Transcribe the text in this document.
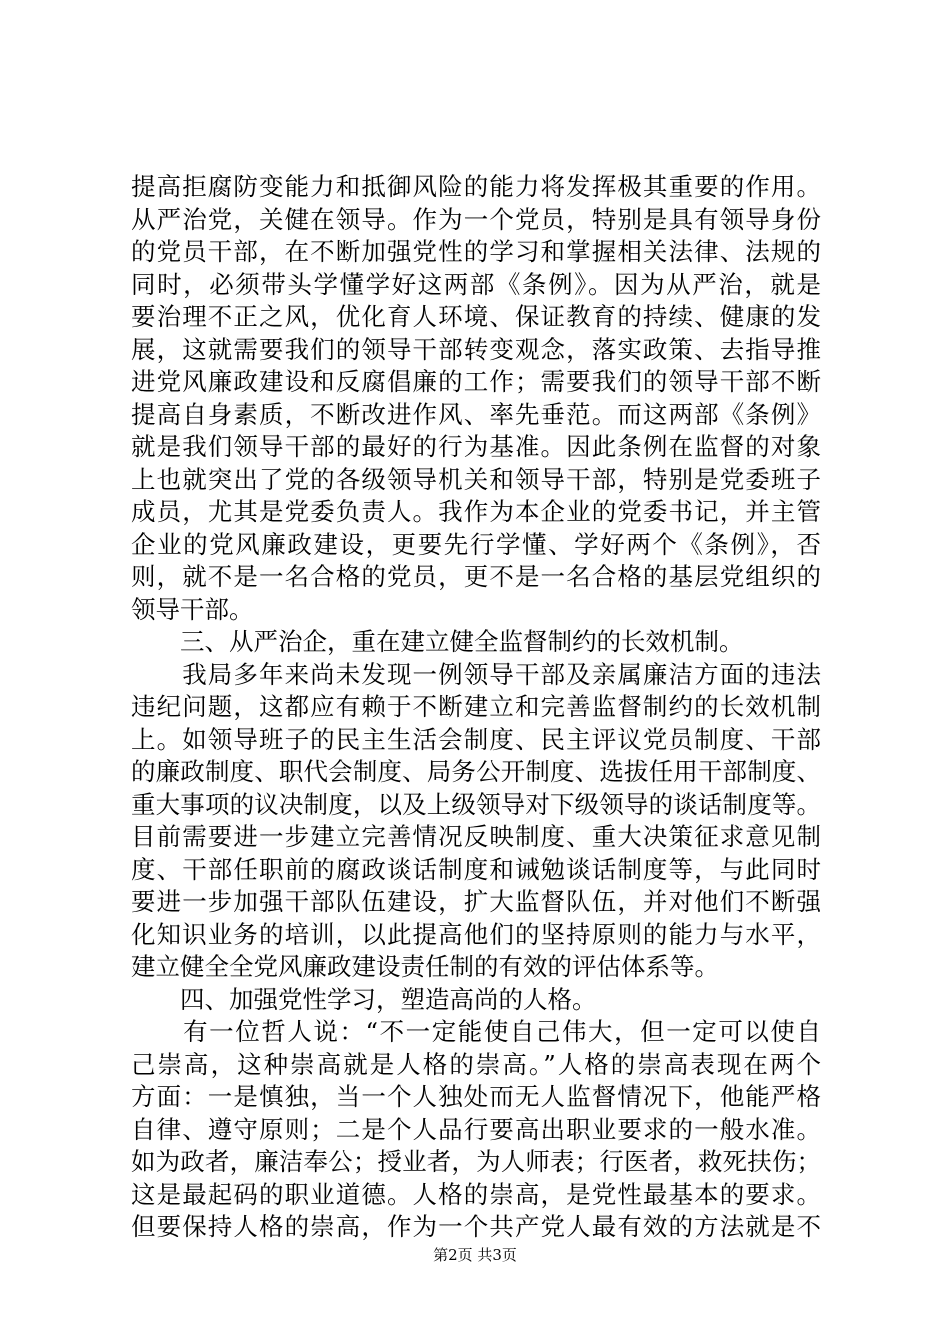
提高拒腐防变能力和抵御风险的能力将发挥极其重要的作用。
从严治党，关健在领导。作为一个党员，特别是具有领导身份
的党员干部，在不断加强党性的学习和掌握相关法律、法规的
同时，必须带头学懂学好这两部《条例》。因为从严治，就是
要治理不正之风，优化育人环境、保证教育的持续、健康的发
展，这就需要我们的领导干部转变观念，落实政策、去指导推
进党风廉政建设和反腐倡廉的工作；需要我们的领导干部不断
提高自身素质，不断改进作风、率先垂范。而这两部《条例》
就是我们领导干部的最好的行为基准。因此条例在监督的对象
上也就突出了党的各级领导机关和领导干部，特别是党委班子
成员，尤其是党委负责人。我作为本企业的党委书记，并主管
企业的党风廉政建设，更要先行学懂、学好两个《条例》，否
则，就不是一名合格的党员，更不是一名合格的基层党组织的
领导干部。
　　三、从严治企，重在建立健全监督制约的长效机制。
　　我局多年来尚未发现一例领导干部及亲属廉洁方面的违法
违纪问题，这都应有赖于不断建立和完善监督制约的长效机制
上。如领导班子的民主生活会制度、民主评议党员制度、干部
的廉政制度、职代会制度、局务公开制度、选拔任用干部制度、
重大事项的议决制度，以及上级领导对下级领导的谈话制度等。
目前需要进一步建立完善情况反映制度、重大决策征求意见制
度、干部任职前的腐政谈话制度和诫勉谈话制度等，与此同时
要进一步加强干部队伍建设，扩大监督队伍，并对他们不断强
化知识业务的培训，以此提高他们的坚持原则的能力与水平，
建立健全全党风廉政建设责任制的有效的评估体系等。
　　四、加强党性学习，塑造高尚的人格。
　　有一位哲人说：“不一定能使自己伟大，但一定可以使自
己崇高，这种崇高就是人格的崇高。”人格的崇高表现在两个
方面：一是慎独，当一个人独处而无人监督情况下，他能严格
自律、遵守原则；二是个人品行要高出职业要求的一般水准。
如为政者，廉洁奉公；授业者，为人师表；行医者，救死扶伤；
这是最起码的职业道德。人格的崇高，是党性最基本的要求。
但要保持人格的崇高，作为一个共产党人最有效的方法就是不
第2页 共3页
